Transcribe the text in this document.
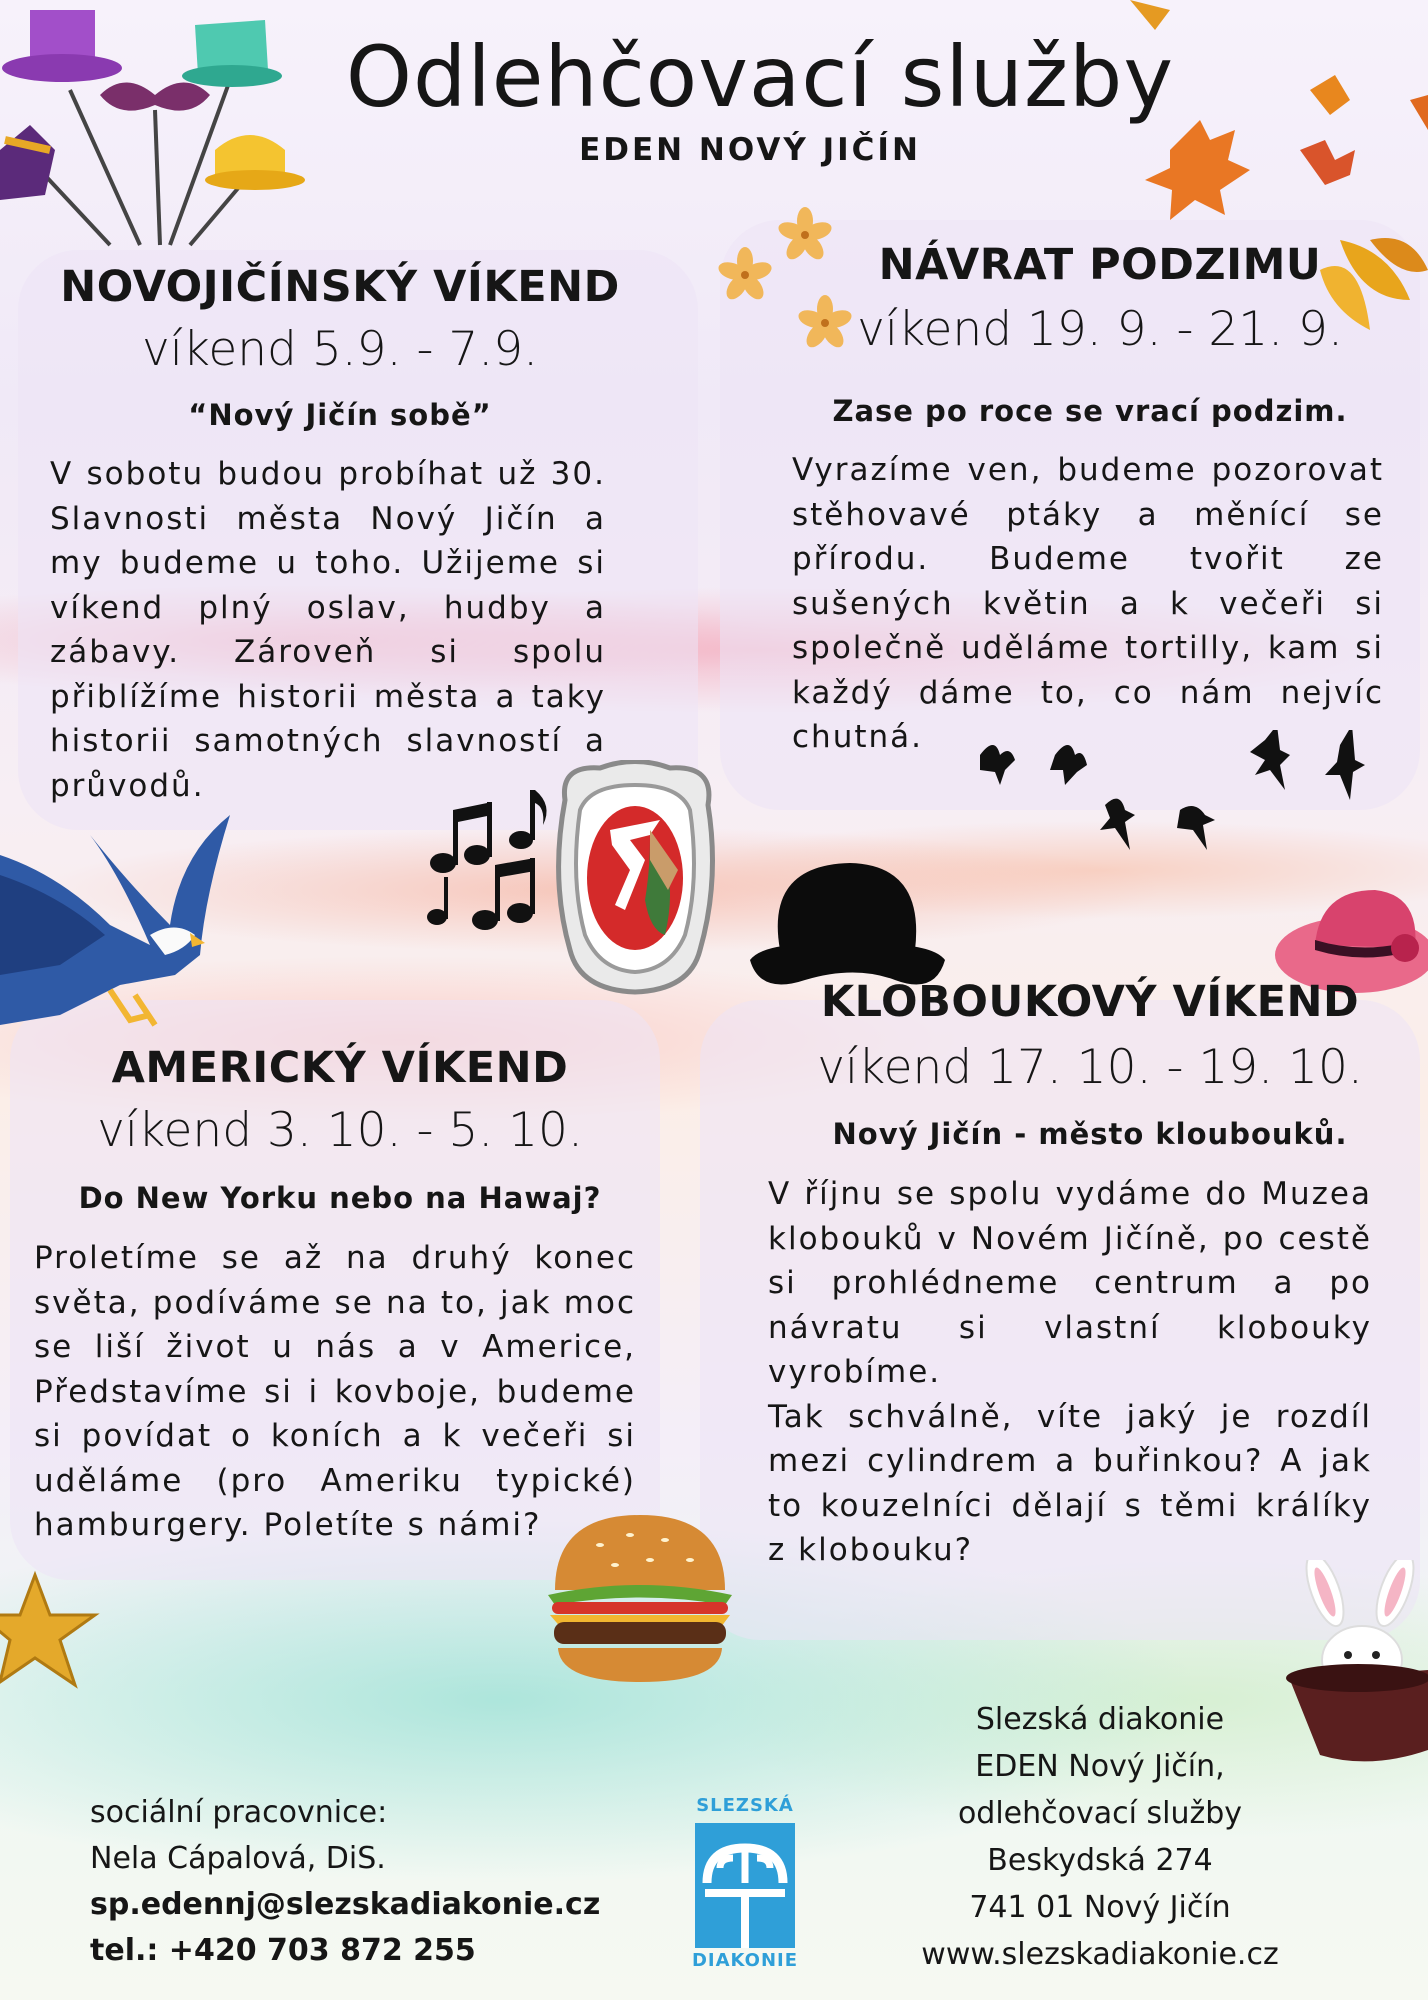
Odlehčovací služby
EDEN NOVÝ JIČÍN
NOVOJIČÍNSKÝ VÍKEND
víkend 5.9. - 7.9.
“Nový Jičín sobě”

V sobotu budou probíhat už 30. Slavnosti města Nový Jičín a my budeme u toho. Užijeme si víkend plný oslav, hudby a zábavy. Zároveň si spolu přiblížíme historii města a taky historii samotných slavností a průvodů.

NÁVRAT PODZIMU
víkend 19. 9. - 21. 9.
Zase po roce se vrací podzim.

Vyrazíme ven, budeme pozorovat stěhovavé ptáky a měnící se přírodu. Budeme tvořit ze sušených květin a k večeři si společně uděláme tortilly, kam si každý dáme to, co nám nejvíc chutná.

AMERICKÝ VÍKEND
víkend 3. 10. - 5. 10.
Do New Yorku nebo na Hawaj?

Proletíme se až na druhý konec světa, podíváme se na to, jak moc se liší život u nás a v Americe, Představíme si i kovboje, budeme si povídat o koních a k večeři si uděláme (pro Ameriku typické) hamburgery. Poletíte s námi?

KLOBOUKOVÝ VÍKEND
víkend 17. 10. - 19. 10.
Nový Jičín - město kloubouků.

V říjnu se spolu vydáme do Muzea klobouků v Novém Jičíně, po cestě si prohlédneme centrum a po návratu si vlastní klobouky vyrobíme.
Tak schválně, víte jaký je rozdíl mezi cylindrem a buřinkou? A jak to kouzelníci dělají s těmi králíky z klobouku?

sociální pracovnice:
Nela Cápalová, DiS.
sp.edennj@slezskadiakonie.cz
tel.: +420 703 872 255
SLEZSKÁ
DIAKONIE
Slezská diakonie
EDEN Nový Jičín,
odlehčovací služby
Beskydská 274
741 01 Nový Jičín
www.slezskadiakonie.cz
